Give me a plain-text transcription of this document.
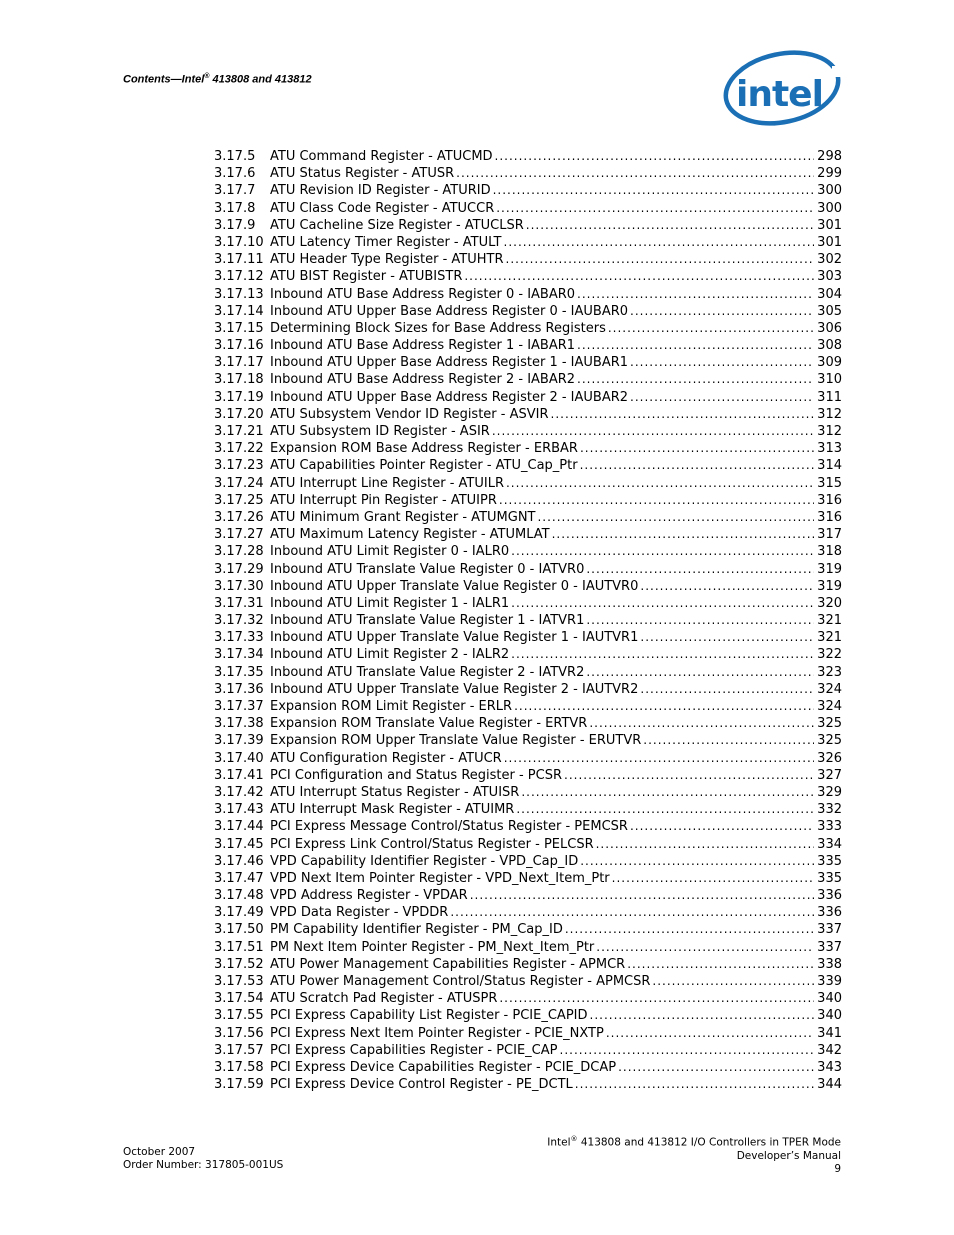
Contents—Intel® 413808 and 413812	intel
3.17.5	ATU Command Register - ATUCMD .....	298
3.17.6	ATU Status Register - ATUSR .....	299
3.17.7	ATU Revision ID Register - ATURID .....	300
3.17.8	ATU Class Code Register - ATUCCR .....	300
3.17.9	ATU Cacheline Size Register - ATUCLSR .....	301
3.17.10 ATU Latency Timer Register - ATULT .....	301
3.17.11 ATU Header Type Register - ATUHTR .....	302
3.17.12 ATU BIST Register - ATUBISTR .....	303
3.17.13 Inbound ATU Base Address Register 0 - IABAR0 .....	304
3.17.14 Inbound ATU Upper Base Address Register 0 - IAUBAR0 .....	305
3.17.15 Determining Block Sizes for Base Address Registers .....	306
3.17.16 Inbound ATU Base Address Register 1 - IABAR1 .....	308
3.17.17 Inbound ATU Upper Base Address Register 1 - IAUBAR1 .....	309
3.17.18 Inbound ATU Base Address Register 2 - IABAR2 .....	310
3.17.19 Inbound ATU Upper Base Address Register 2 - IAUBAR2 .....	311
3.17.20 ATU Subsystem Vendor ID Register - ASVIR .....	312
3.17.21 ATU Subsystem ID Register - ASIR .....	312
3.17.22 Expansion ROM Base Address Register - ERBAR .....	313
3.17.23 ATU Capabilities Pointer Register - ATU_Cap_Ptr .....	314
3.17.24 ATU Interrupt Line Register - ATUILR .....	315
3.17.25 ATU Interrupt Pin Register - ATUIPR .....	316
3.17.26 ATU Minimum Grant Register - ATUMGNT .....	316
3.17.27 ATU Maximum Latency Register - ATUMLAT .....	317
3.17.28 Inbound ATU Limit Register 0 - IALR0 .....	318
3.17.29 Inbound ATU Translate Value Register 0 - IATVR0 .....	319
3.17.30 Inbound ATU Upper Translate Value Register 0 - IAUTVR0 .....	319
3.17.31 Inbound ATU Limit Register 1 - IALR1 .....	320
3.17.32 Inbound ATU Translate Value Register 1 - IATVR1 .....	321
3.17.33 Inbound ATU Upper Translate Value Register 1 - IAUTVR1 .....	321
3.17.34 Inbound ATU Limit Register 2 - IALR2 .....	322
3.17.35 Inbound ATU Translate Value Register 2 - IATVR2 .....	323
3.17.36 Inbound ATU Upper Translate Value Register 2 - IAUTVR2 .....	324
3.17.37 Expansion ROM Limit Register - ERLR .....	324
3.17.38 Expansion ROM Translate Value Register - ERTVR .....	325
3.17.39 Expansion ROM Upper Translate Value Register - ERUTVR .....	325
3.17.40 ATU Configuration Register - ATUCR .....	326
3.17.41 PCI Configuration and Status Register - PCSR .....	327
3.17.42 ATU Interrupt Status Register - ATUISR .....	329
3.17.43 ATU Interrupt Mask Register - ATUIMR .....	332
3.17.44 PCI Express Message Control/Status Register - PEMCSR .....	333
3.17.45 PCI Express Link Control/Status Register - PELCSR .....	334
3.17.46 VPD Capability Identifier Register - VPD_Cap_ID .....	335
3.17.47 VPD Next Item Pointer Register - VPD_Next_Item_Ptr .....	335
3.17.48 VPD Address Register - VPDAR .....	336
3.17.49 VPD Data Register - VPDDR .....	336
3.17.50 PM Capability Identifier Register - PM_Cap_ID .....	337
3.17.51 PM Next Item Pointer Register - PM_Next_Item_Ptr .....	337
3.17.52 ATU Power Management Capabilities Register - APMCR .....	338
3.17.53 ATU Power Management Control/Status Register - APMCSR .....	339
3.17.54 ATU Scratch Pad Register - ATUSPR .....	340
3.17.55 PCI Express Capability List Register - PCIE_CAPID .....	340
3.17.56 PCI Express Next Item Pointer Register - PCIE_NXTP .....	341
3.17.57 PCI Express Capabilities Register - PCIE_CAP .....	342
3.17.58 PCI Express Device Capabilities Register - PCIE_DCAP .....	343
3.17.59 PCI Express Device Control Register - PE_DCTL .....	344
October 2007
Order Number: 317805-001US
Intel® 413808 and 413812 I/O Controllers in TPER Mode
Developer’s Manual
9
